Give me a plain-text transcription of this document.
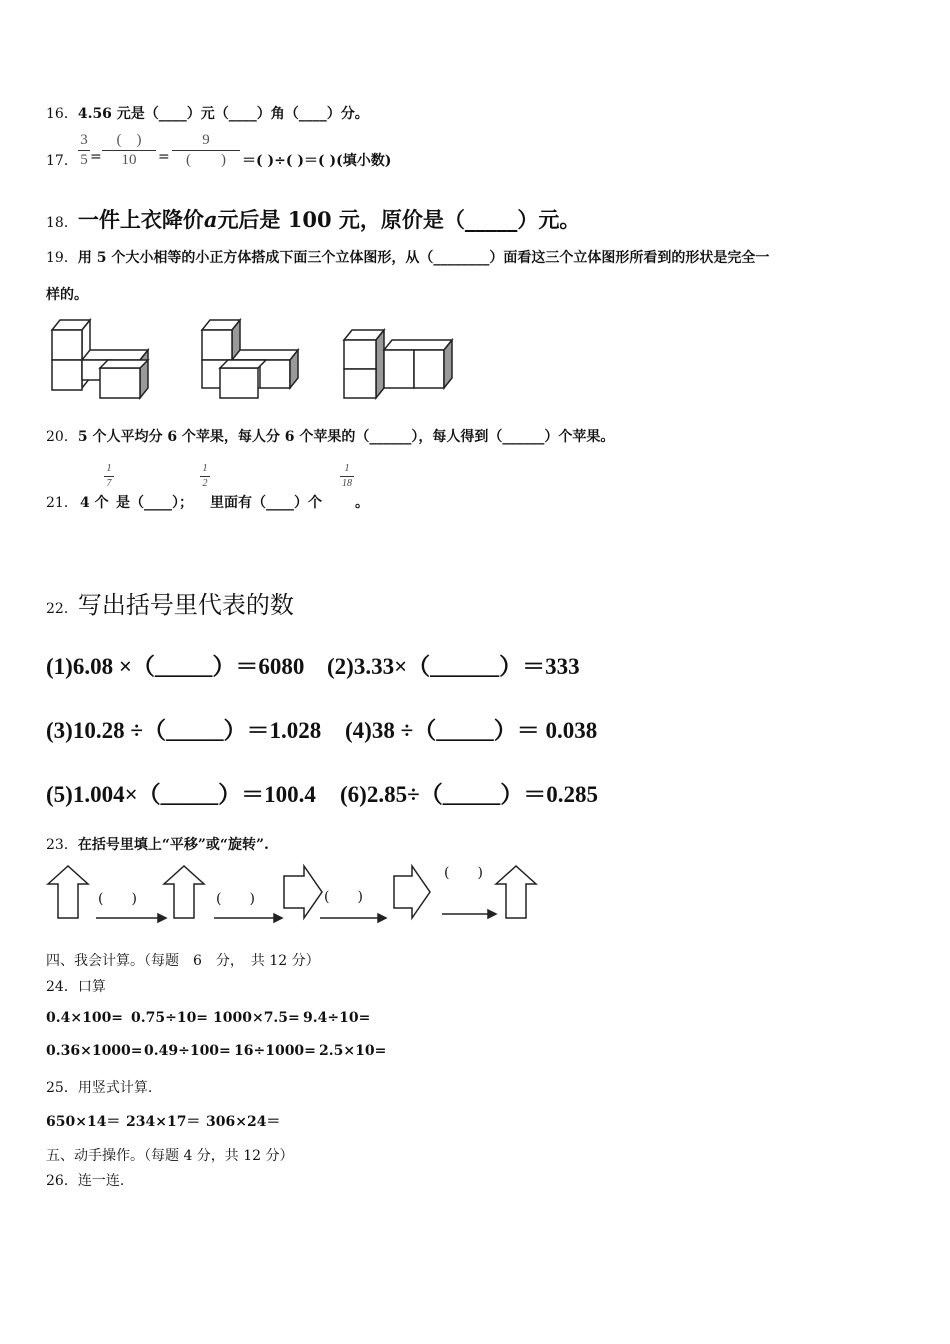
16．4.56 元是（____）元（____）角（____）分。
17．
3
5 =
(　)
10	=
9
(　　)	＝( )÷( )＝( )(填小数)
18．一件上衣降价a元后是 100 元，原价是（_____）元。
19．用 5 个大小相等的小正方体搭成下面三个立体图形，从（________）面看这三个立体图形所看到的形状是完全一
样的。
20．5 个人平均分 6 个苹果，每人分 6 个苹果的（______），每人得到（______）个苹果。
21． 4 个
1
7
是（____）；
1
2
里面有（____）个
1
18
。
22．写出括号里代表的数
(1)6.08 ×（_____）＝6080 (2)3.33×（______）＝333
(3)10.28 ÷（_____）＝1.028 (4)38 ÷（_____）＝ 0.038
(5)1.004×（_____）＝100.4 (6)2.85÷（_____）＝0.285
23．在括号里填上“平移”或“旋转”.
(　　)	(　　)	(　　)
(　　)
四、我会计算。（每题　6　分，　共 12 分）
24．口算
0.4×100= 0.75÷10= 1000×7.5= 9.4÷10=
0.36×1000= 0.49÷100= 16÷1000= 2.5×10=
25．用竖式计算.
650×14＝ 234×17＝ 306×24＝
五、动手操作。（每题 4 分，共 12 分）
26．连一连.
